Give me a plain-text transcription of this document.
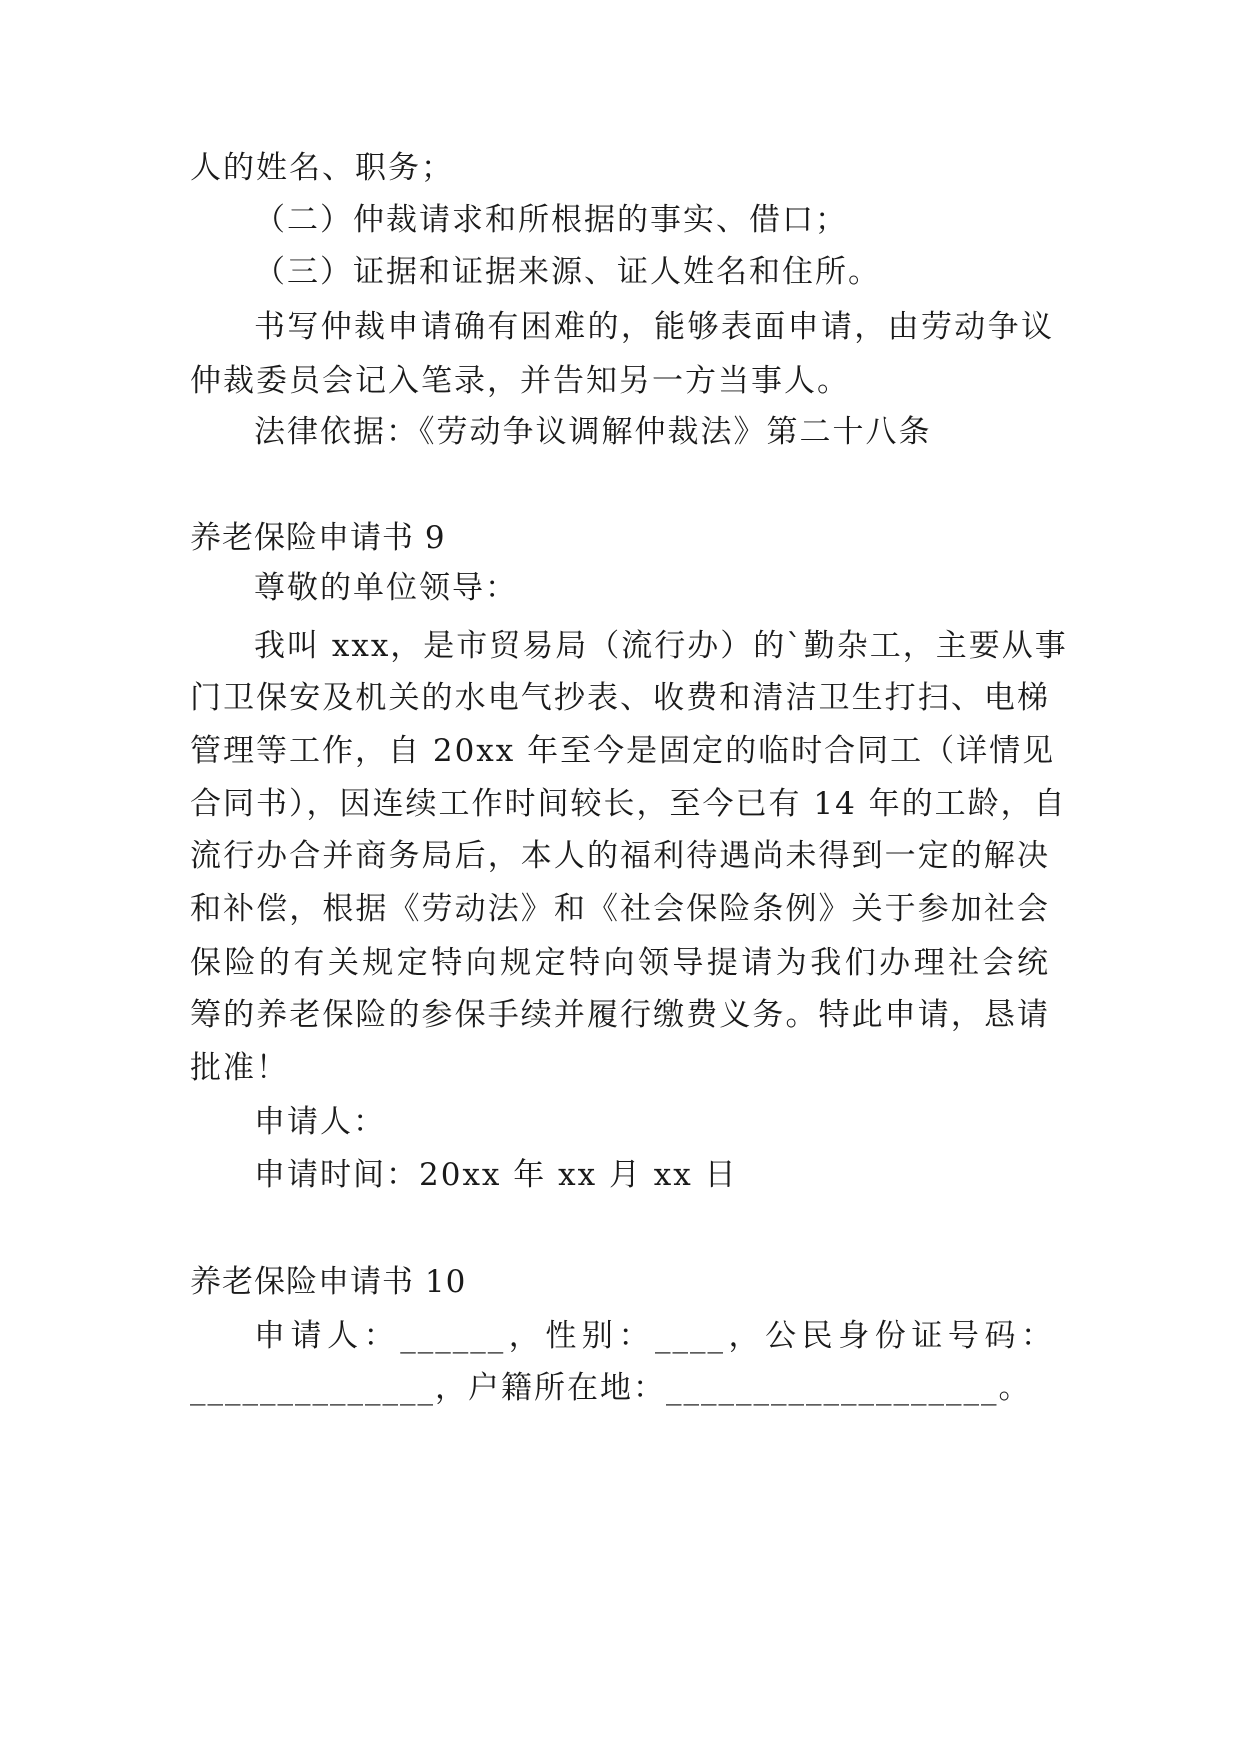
人的姓名、职务；
（二）仲裁请求和所根据的事实、借口；
（三）证据和证据来源、证人姓名和住所。
书写仲裁申请确有困难的，能够表面申请，由劳动争议
仲裁委员会记入笔录，并告知另一方当事人。
法律依据：《劳动争议调解仲裁法》第二十八条
养老保险申请书 9
尊敬的单位领导：
我叫 xxx，是市贸易局（流行办）的`勤杂工，主要从事
门卫保安及机关的水电气抄表、收费和清洁卫生打扫、电梯
管理等工作，自 20xx 年至今是固定的临时合同工（详情见
合同书），因连续工作时间较长，至今已有 14 年的工龄，自
流行办合并商务局后，本人的福利待遇尚未得到一定的解决
和补偿，根据《劳动法》和《社会保险条例》关于参加社会
保险的有关规定特向规定特向领导提请为我们办理社会统
筹的养老保险的参保手续并履行缴费义务。特此申请，恳请
批准！
申请人：
申请时间：20xx 年 xx 月 xx 日
养老保险申请书 10
申请人：______，性别：____，公民身份证号码：
______________，户籍所在地：___________________。
